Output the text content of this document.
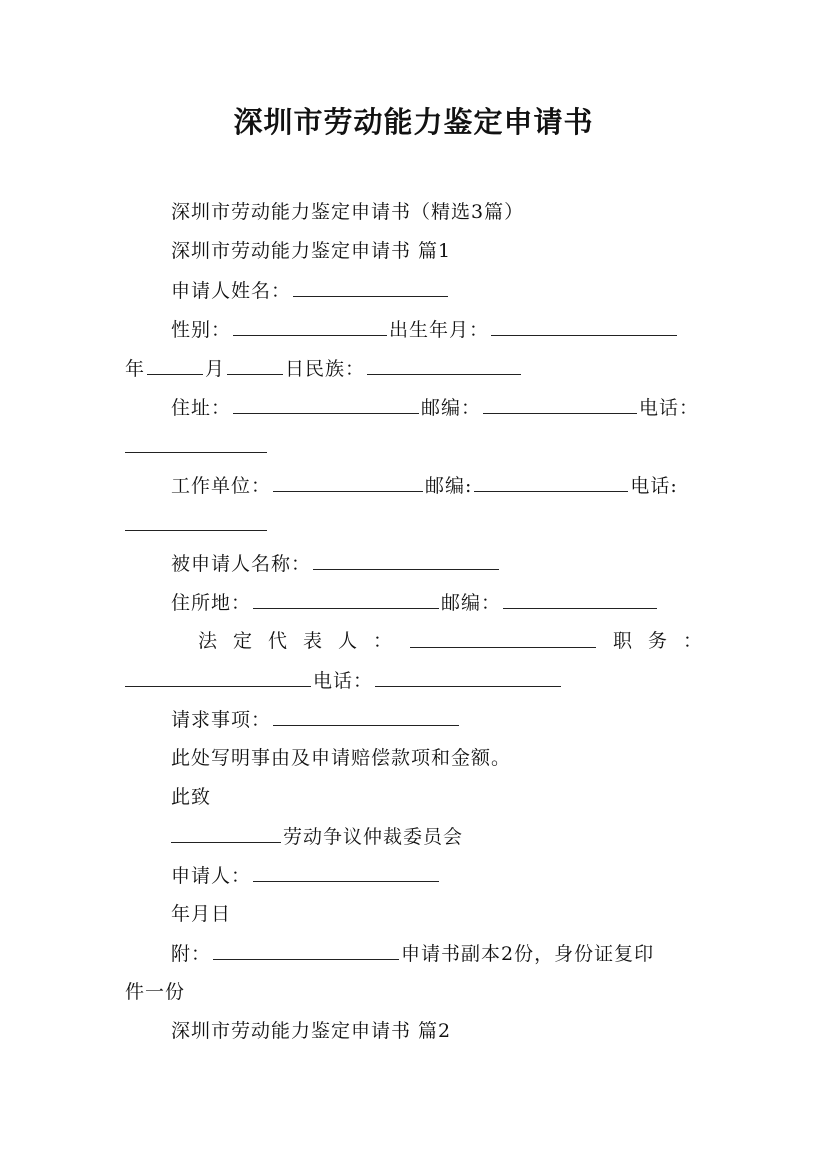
深圳市劳动能力鉴定申请书
深圳市劳动能力鉴定申请书（精选3篇）
深圳市劳动能力鉴定申请书 篇1
申请人姓名：
性别：	出生年月：
年	月	日民族：
住址：	邮编：	电话：
工作单位：	邮编:	电话:
被申请人名称：
住所地：	邮编：
法 定 代 表 人 ：	职 务 ：
电话：
请求事项：
此处写明事由及申请赔偿款项和金额。
此致
劳动争议仲裁委员会
申请人：
年月日
附：	申请书副本2份，身份证复印
件一份
深圳市劳动能力鉴定申请书 篇2
